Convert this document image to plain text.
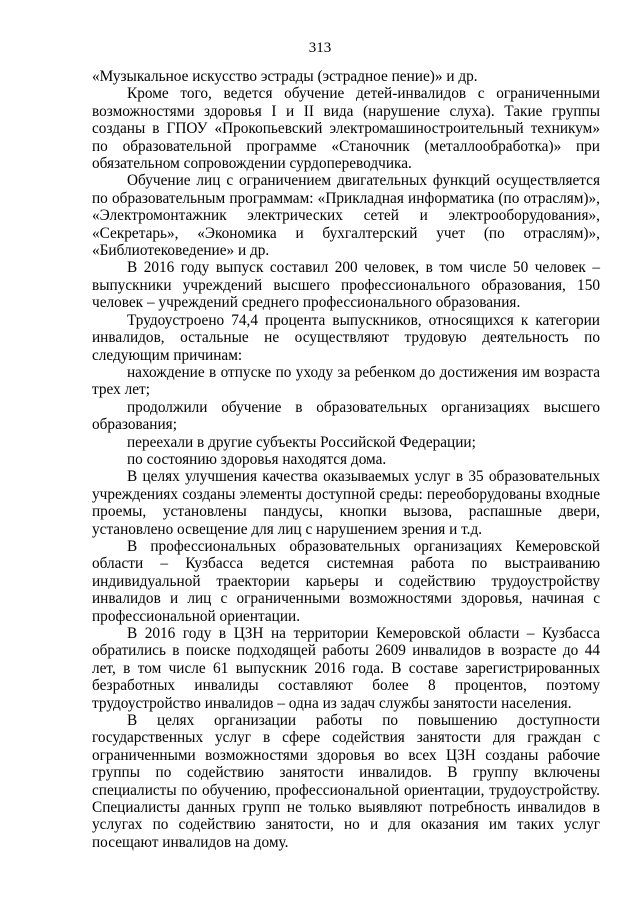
313

«Музыкальное искусство эстрады (эстрадное пение)» и др.

Кроме того, ведется обучение детей-инвалидов с ограниченными возможностями здоровья I и II вида (нарушение слуха). Такие группы созданы в ГПОУ «Прокопьевский электромашиностроительный техникум» по образовательной программе «Станочник (металлообработка)» при обязательном сопровождении сурдопереводчика.

Обучение лиц с ограничением двигательных функций осуществляется по образовательным программам: «Прикладная информатика (по отраслям)», «Электромонтажник электрических сетей и электрооборудования», «Секретарь», «Экономика и бухгалтерский учет (по отраслям)», «Библиотековедение» и др.

В 2016 году выпуск составил 200 человек, в том числе 50 человек – выпускники учреждений высшего профессионального образования, 150 человек – учреждений среднего профессионального образования.

Трудоустроено 74,4 процента выпускников, относящихся к категории инвалидов, остальные не осуществляют трудовую деятельность по следующим причинам:

нахождение в отпуске по уходу за ребенком до достижения им возраста трех лет;

продолжили обучение в образовательных организациях высшего образования;

переехали в другие субъекты Российской Федерации;

по состоянию здоровья находятся дома.

В целях улучшения качества оказываемых услуг в 35 образовательных учреждениях созданы элементы доступной среды: переоборудованы входные проемы, установлены пандусы, кнопки вызова, распашные двери, установлено освещение для лиц с нарушением зрения и т.д.

В профессиональных образовательных организациях Кемеровской области – Кузбасса ведется системная работа по выстраиванию индивидуальной траектории карьеры и содействию трудоустройству инвалидов и лиц с ограниченными возможностями здоровья, начиная с профессиональной ориентации.

В 2016 году в ЦЗН на территории Кемеровской области – Кузбасса обратились в поиске подходящей работы 2609 инвалидов в возрасте до 44 лет, в том числе 61 выпускник 2016 года. В составе зарегистрированных безработных инвалиды составляют более 8 процентов, поэтому трудоустройство инвалидов – одна из задач службы занятости населения.

В целях организации работы по повышению доступности государственных услуг в сфере содействия занятости для граждан с ограниченными возможностями здоровья во всех ЦЗН созданы рабочие группы по содействию занятости инвалидов. В группу включены специалисты по обучению, профессиональной ориентации, трудоустройству. Специалисты данных групп не только выявляют потребность инвалидов в услугах по содействию занятости, но и для оказания им таких услуг посещают инвалидов на дому.
